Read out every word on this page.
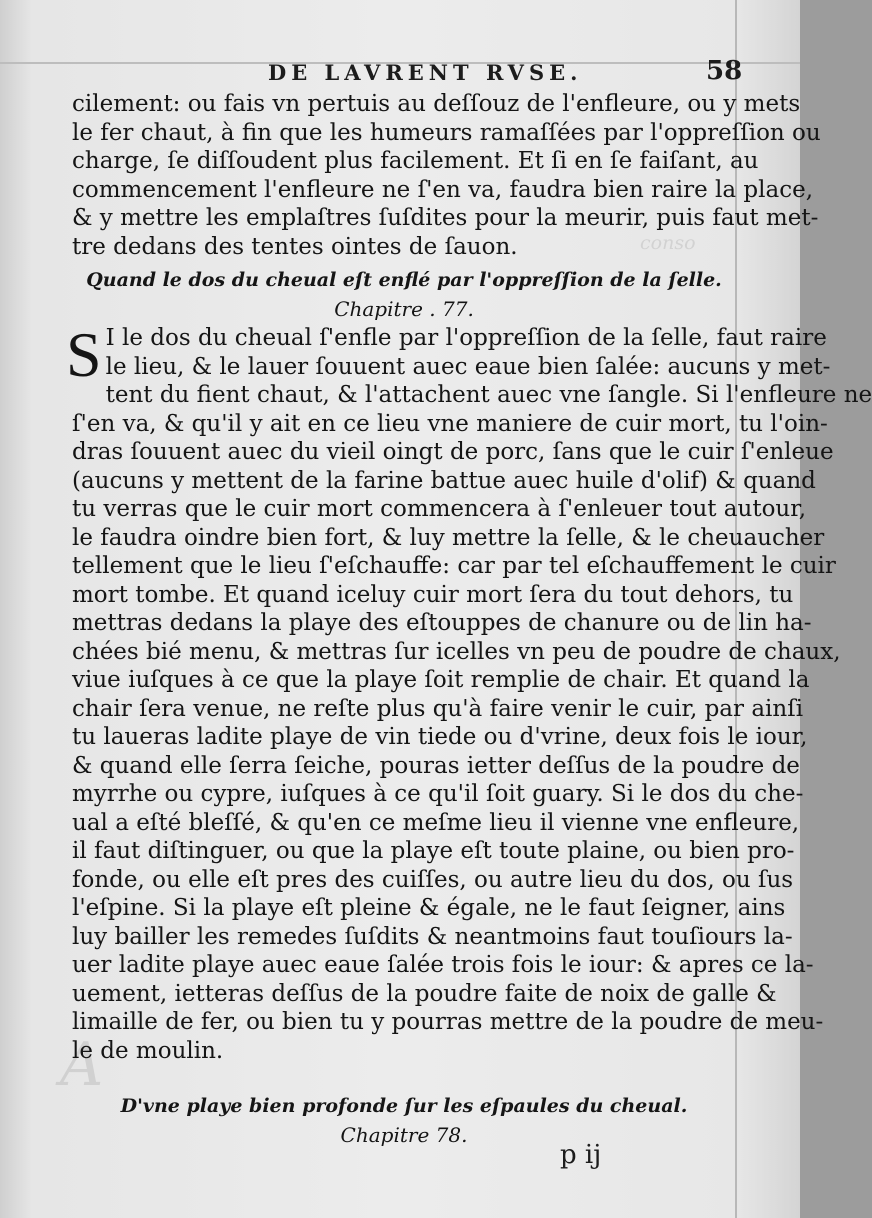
conso
A
DE LAVRENT RVSE.	58
cilement: ou fais vn pertuis au deſſouz de l'enfleure, ou y mets
le fer chaut, à fin que les humeurs ramaſſées par l'oppreſſion ou
charge, ſe diſſoudent plus facilement. Et ſi en ſe faiſant, au
commencement l'enfleure ne ſ'en va, faudra bien raire la place,
& y mettre les emplaſtres ſuſdites pour la meurir, puis faut met-
tre dedans des tentes ointes de ſauon.
Quand le dos du cheual eſt enflé par l'oppreſſion de la ſelle.
Chapitre . 77.
S I le dos du cheual ſ'enfle par l'oppreſſion de la ſelle, faut raire
le lieu, & le lauer ſouuent auec eaue bien ſalée: aucuns y met-
tent du fient chaut, & l'attachent auec vne ſangle. Si l'enfleure ne
ſ'en va, & qu'il y ait en ce lieu vne maniere de cuir mort, tu l'oin-
dras ſouuent auec du vieil oingt de porc, ſans que le cuir ſ'enleue
(aucuns y mettent de la farine battue auec huile d'olif) & quand
tu verras que le cuir mort commencera à ſ'enleuer tout autour,
le faudra oindre bien fort, & luy mettre la ſelle, & le cheuaucher
tellement que le lieu ſ'eſchauffe: car par tel eſchauffement le cuir
mort tombe. Et quand iceluy cuir mort ſera du tout dehors, tu
mettras dedans la playe des eſtouppes de chanure ou de lin ha-
chées bié menu, & mettras ſur icelles vn peu de poudre de chaux,
viue iuſques à ce que la playe ſoit remplie de chair. Et quand la
chair ſera venue, ne reſte plus qu'à faire venir le cuir, par ainſi
tu laueras ladite playe de vin tiede ou d'vrine, deux fois le iour,
& quand elle ſerra ſeiche, pouras ietter deſſus de la poudre de
myrrhe ou cypre, iuſques à ce qu'il ſoit guary. Si le dos du che-
ual a eſté bleſſé, & qu'en ce meſme lieu il vienne vne enfleure,
il faut diſtinguer, ou que la playe eſt toute plaine, ou bien pro-
fonde, ou elle eſt pres des cuiſſes, ou autre lieu du dos, ou ſus
l'eſpine. Si la playe eſt pleine & égale, ne le faut ſeigner, ains
luy bailler les remedes ſuſdits & neantmoins faut touſiours la-
uer ladite playe auec eaue ſalée trois fois le iour: & apres ce la-
uement, ietteras deſſus de la poudre faite de noix de galle &
limaille de fer, ou bien tu y pourras mettre de la poudre de meu-
le de moulin.
D'vne playe bien profonde ſur les eſpaules du cheual.
Chapitre 78.
p ij
